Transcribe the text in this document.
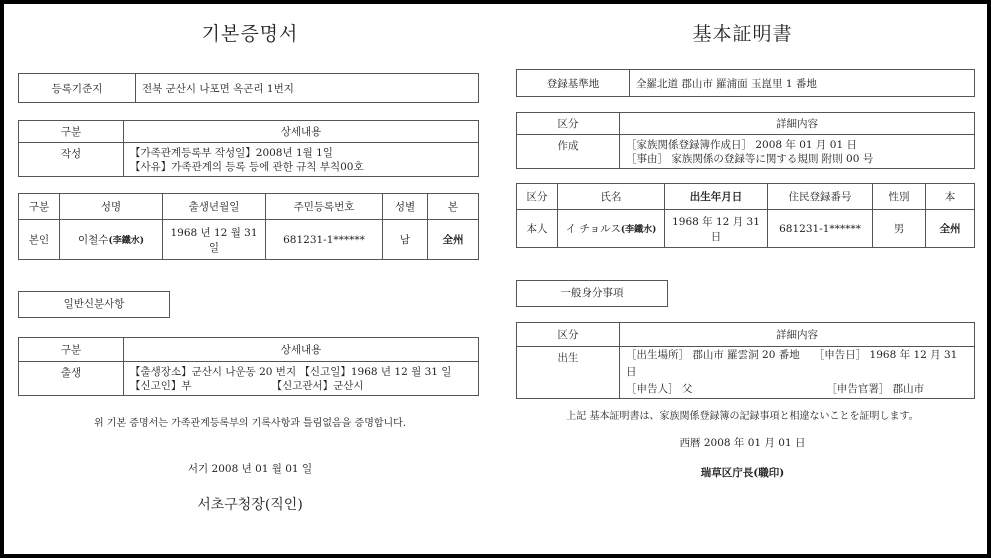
기본증명서
등록기준지	전북 군산시 나포면 옥곤리 1번지
구분	상세내용
작성	【가족관계등록부 작성일】2008년 1월 1일
【사유】가족관계의 등록 등에 관한 규칙 부칙00호
구분	성명	출생년월일	주민등록번호	성별	본
본인	이철수(李鐵水)	1968 년 12 월 31 일	681231-1******	남	全州
일반신분사항
구분	상세내용
출생	【출생장소】군산시 나운동 20 번지 【신고일】1968 년 12 월 31 일
【신고인】부 【신고관서】군산시
위 기본 증명서는 가족관계등록부의 기록사항과 틀림없음을 증명합니다.
서기 2008 년 01 월 01 일
서초구청장(직인)
基本証明書
登録基準地	全羅北道 郡山市 羅浦面 玉崑里 1 番地
区分	詳細内容
作成	［家族関係登録簿作成日］ 2008 年 01 月 01 日
［事由］ 家族関係の登録等に関する規則 附則 00 号
区分	氏名	出生年月日	住民登録番号	性別	本
本人	イ チョルス(李鐵水)	1968 年 12 月 31 日	681231-1******	男	全州
一般身分事項
区分	詳細内容
出生	［出生場所］ 郡山市 羅雲洞 20 番地 ［申告日］ 1968 年 12 月 31 日
［申告人］ 父 ［申告官署］ 郡山市
上記 基本証明書は、家族関係登録簿の記録事項と相違ないことを証明します。
西暦 2008 年 01 月 01 日
瑞草区庁長(職印)
